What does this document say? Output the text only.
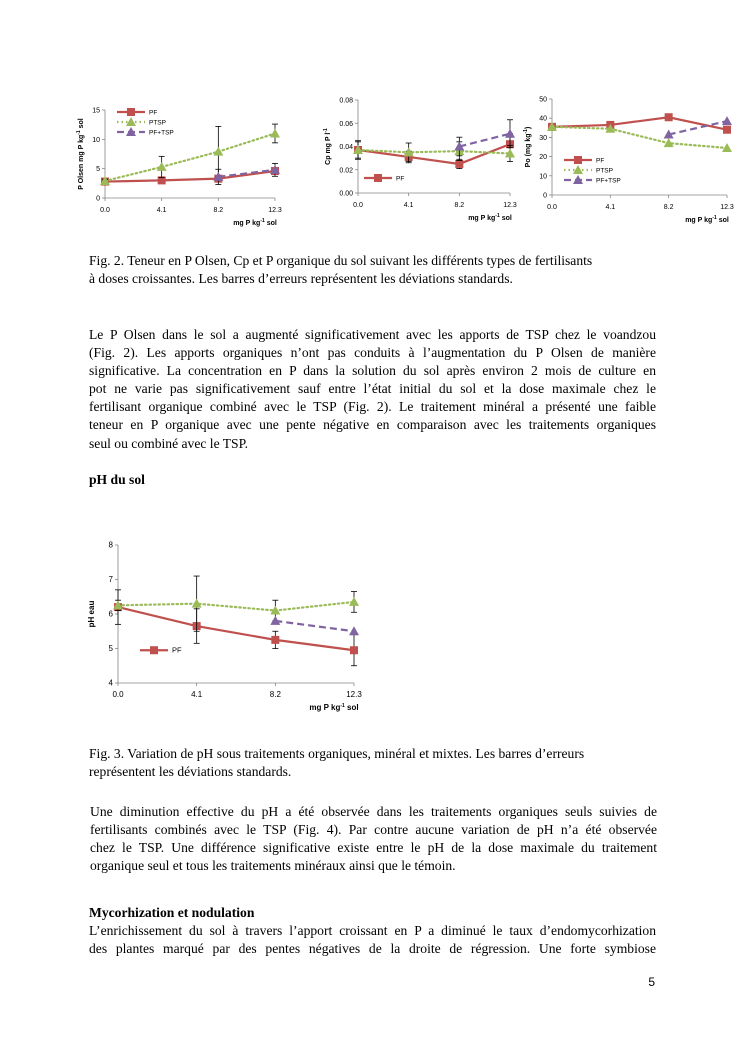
0
5
10
15
0.0	4.1	8.2	12.3
mg P $kg^{-1}$ sol
P Olsen mg P $kg^{-1}$ sol
PF
PTSP
PF+TSP
0.00
0.02
0.04
0.06
0.08
0.0	4.1	8.2	12.3
mg P $kg^{-1}$ sol
Cp mg P $l^{-1}$
PF
0
10
20
30
40
50
0.0	4.1	8.2	12.3
mg P $kg^{-1}$ sol
Po (mg $kg^{-1}$)
PF
PTSP
PF+TSP
Fig. 2. Teneur en P Olsen, Cp et P organique du sol suivant les différents types de fertilisants
à doses croissantes. Les barres d’erreurs représentent les déviations standards.
Le P Olsen dans le sol a augmenté significativement avec les apports de TSP chez le voandzou
(Fig. 2). Les apports organiques n’ont pas conduits à l’augmentation du P Olsen de manière
significative. La concentration en P dans la solution du sol après environ 2 mois de culture en
pot ne varie pas significativement sauf entre l’état initial du sol et la dose maximale chez le
fertilisant organique combiné avec le TSP (Fig. 2). Le traitement minéral a présenté une faible
teneur en P organique avec une pente négative en comparaison avec les traitements organiques
seul ou combiné avec le TSP.
pH du sol
4
5
6
7
8
0.0	4.1	8.2	12.3
mg P $kg^{-1}$ sol
pH eau
PF
Fig. 3. Variation de pH sous traitements organiques, minéral et mixtes. Les barres d’erreurs
représentent les déviations standards.
Une diminution effective du pH a été observée dans les traitements organiques seuls suivies de
fertilisants combinés avec le TSP (Fig. 4). Par contre aucune variation de pH n’a été observée
chez le TSP. Une différence significative existe entre le pH de la dose maximale du traitement
organique seul et tous les traitements minéraux ainsi que le témoin.
Mycorhization et nodulation
L’enrichissement du sol à travers l’apport croissant en P a diminué le taux d’endomycorhization
des plantes marqué par des pentes négatives de la droite de régression. Une forte symbiose
5
